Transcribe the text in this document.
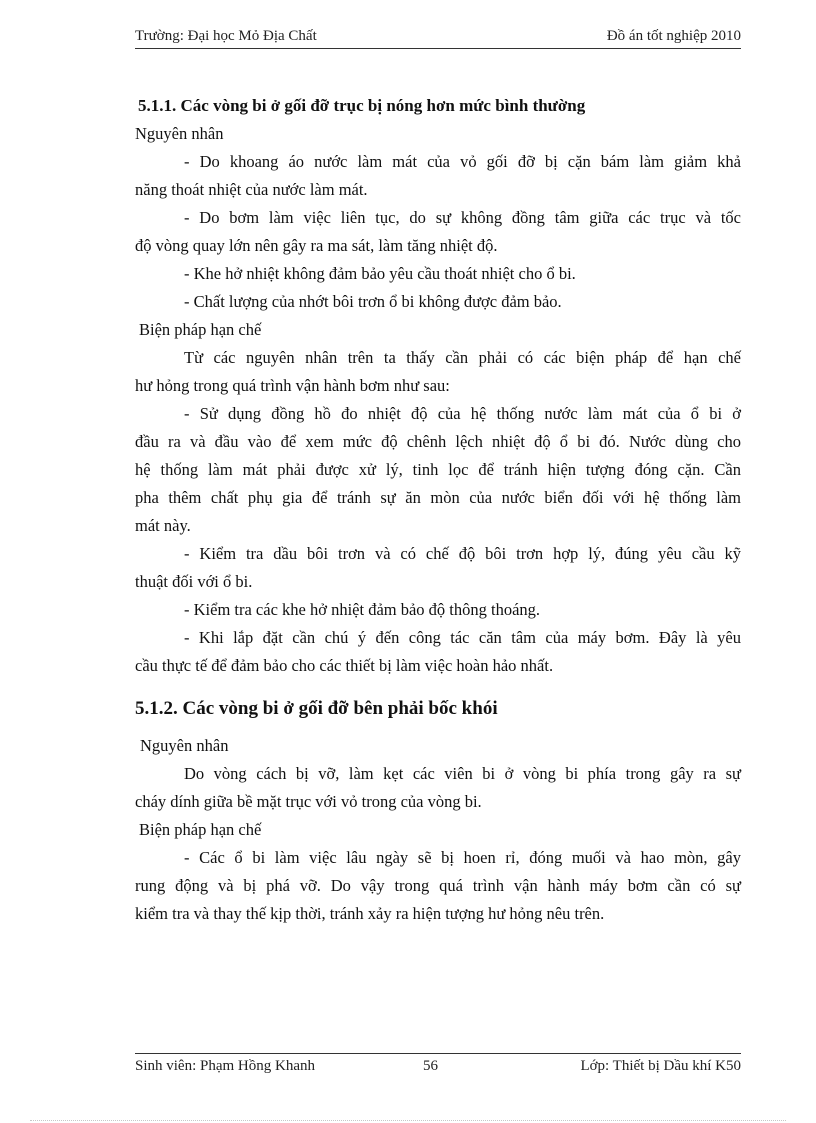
Trường: Đại học Mỏ Địa Chất	Đồ án tốt nghiệp 2010
5.1.1. Các vòng bi ở gối đỡ trục bị nóng hơn mức bình thường
Nguyên nhân
- Do khoang áo nước làm mát của vỏ gối đỡ bị cặn bám làm giảm khả
năng thoát nhiệt của nước làm mát.
- Do bơm làm việc liên tục, do sự không đồng tâm giữa các trục và tốc
độ vòng quay lớn nên gây ra ma sát, làm tăng nhiệt độ.
- Khe hở nhiệt không đảm bảo yêu cầu thoát nhiệt cho ổ bi.
- Chất lượng của nhớt bôi trơn ổ bi không được đảm bảo.
Biện pháp hạn chế
Từ các nguyên nhân trên ta thấy cần phải có các biện pháp để hạn chế
hư hỏng trong quá trình vận hành bơm như sau:
- Sử dụng đồng hồ đo nhiệt độ của hệ thống nước làm mát của ổ bi ở
đầu ra và đầu vào để xem mức độ chênh lệch nhiệt độ ổ bi đó. Nước dùng cho
hệ thống làm mát phải được xử lý, tinh lọc để tránh hiện tượng đóng cặn. Cần
pha thêm chất phụ gia để tránh sự ăn mòn của nước biển đối với hệ thống làm
mát này.
- Kiểm tra dầu bôi trơn và có chế độ bôi trơn hợp lý, đúng yêu cầu kỹ
thuật đối với ổ bi.
- Kiểm tra các khe hở nhiệt đảm bảo độ thông thoáng.
- Khi lắp đặt cần chú ý đến công tác căn tâm của máy bơm. Đây là yêu
cầu thực tế để đảm bảo cho các thiết bị làm việc hoàn hảo nhất.
5.1.2. Các vòng bi ở gối đỡ bên phải bốc khói
Nguyên nhân
Do vòng cách bị vỡ, làm kẹt các viên bi ở vòng bi phía trong gây ra sự
cháy dính giữa bề mặt trục với vỏ trong của vòng bi.
Biện pháp hạn chế
- Các ổ bi làm việc lâu ngày sẽ bị hoen rỉ, đóng muối và hao mòn, gây
rung động và bị phá vỡ. Do vậy trong quá trình vận hành máy bơm cần có sự
kiểm tra và thay thế kịp thời, tránh xảy ra hiện tượng hư hỏng nêu trên.
Sinh viên: Phạm Hồng Khanh	56	Lớp: Thiết bị Dầu khí K50
